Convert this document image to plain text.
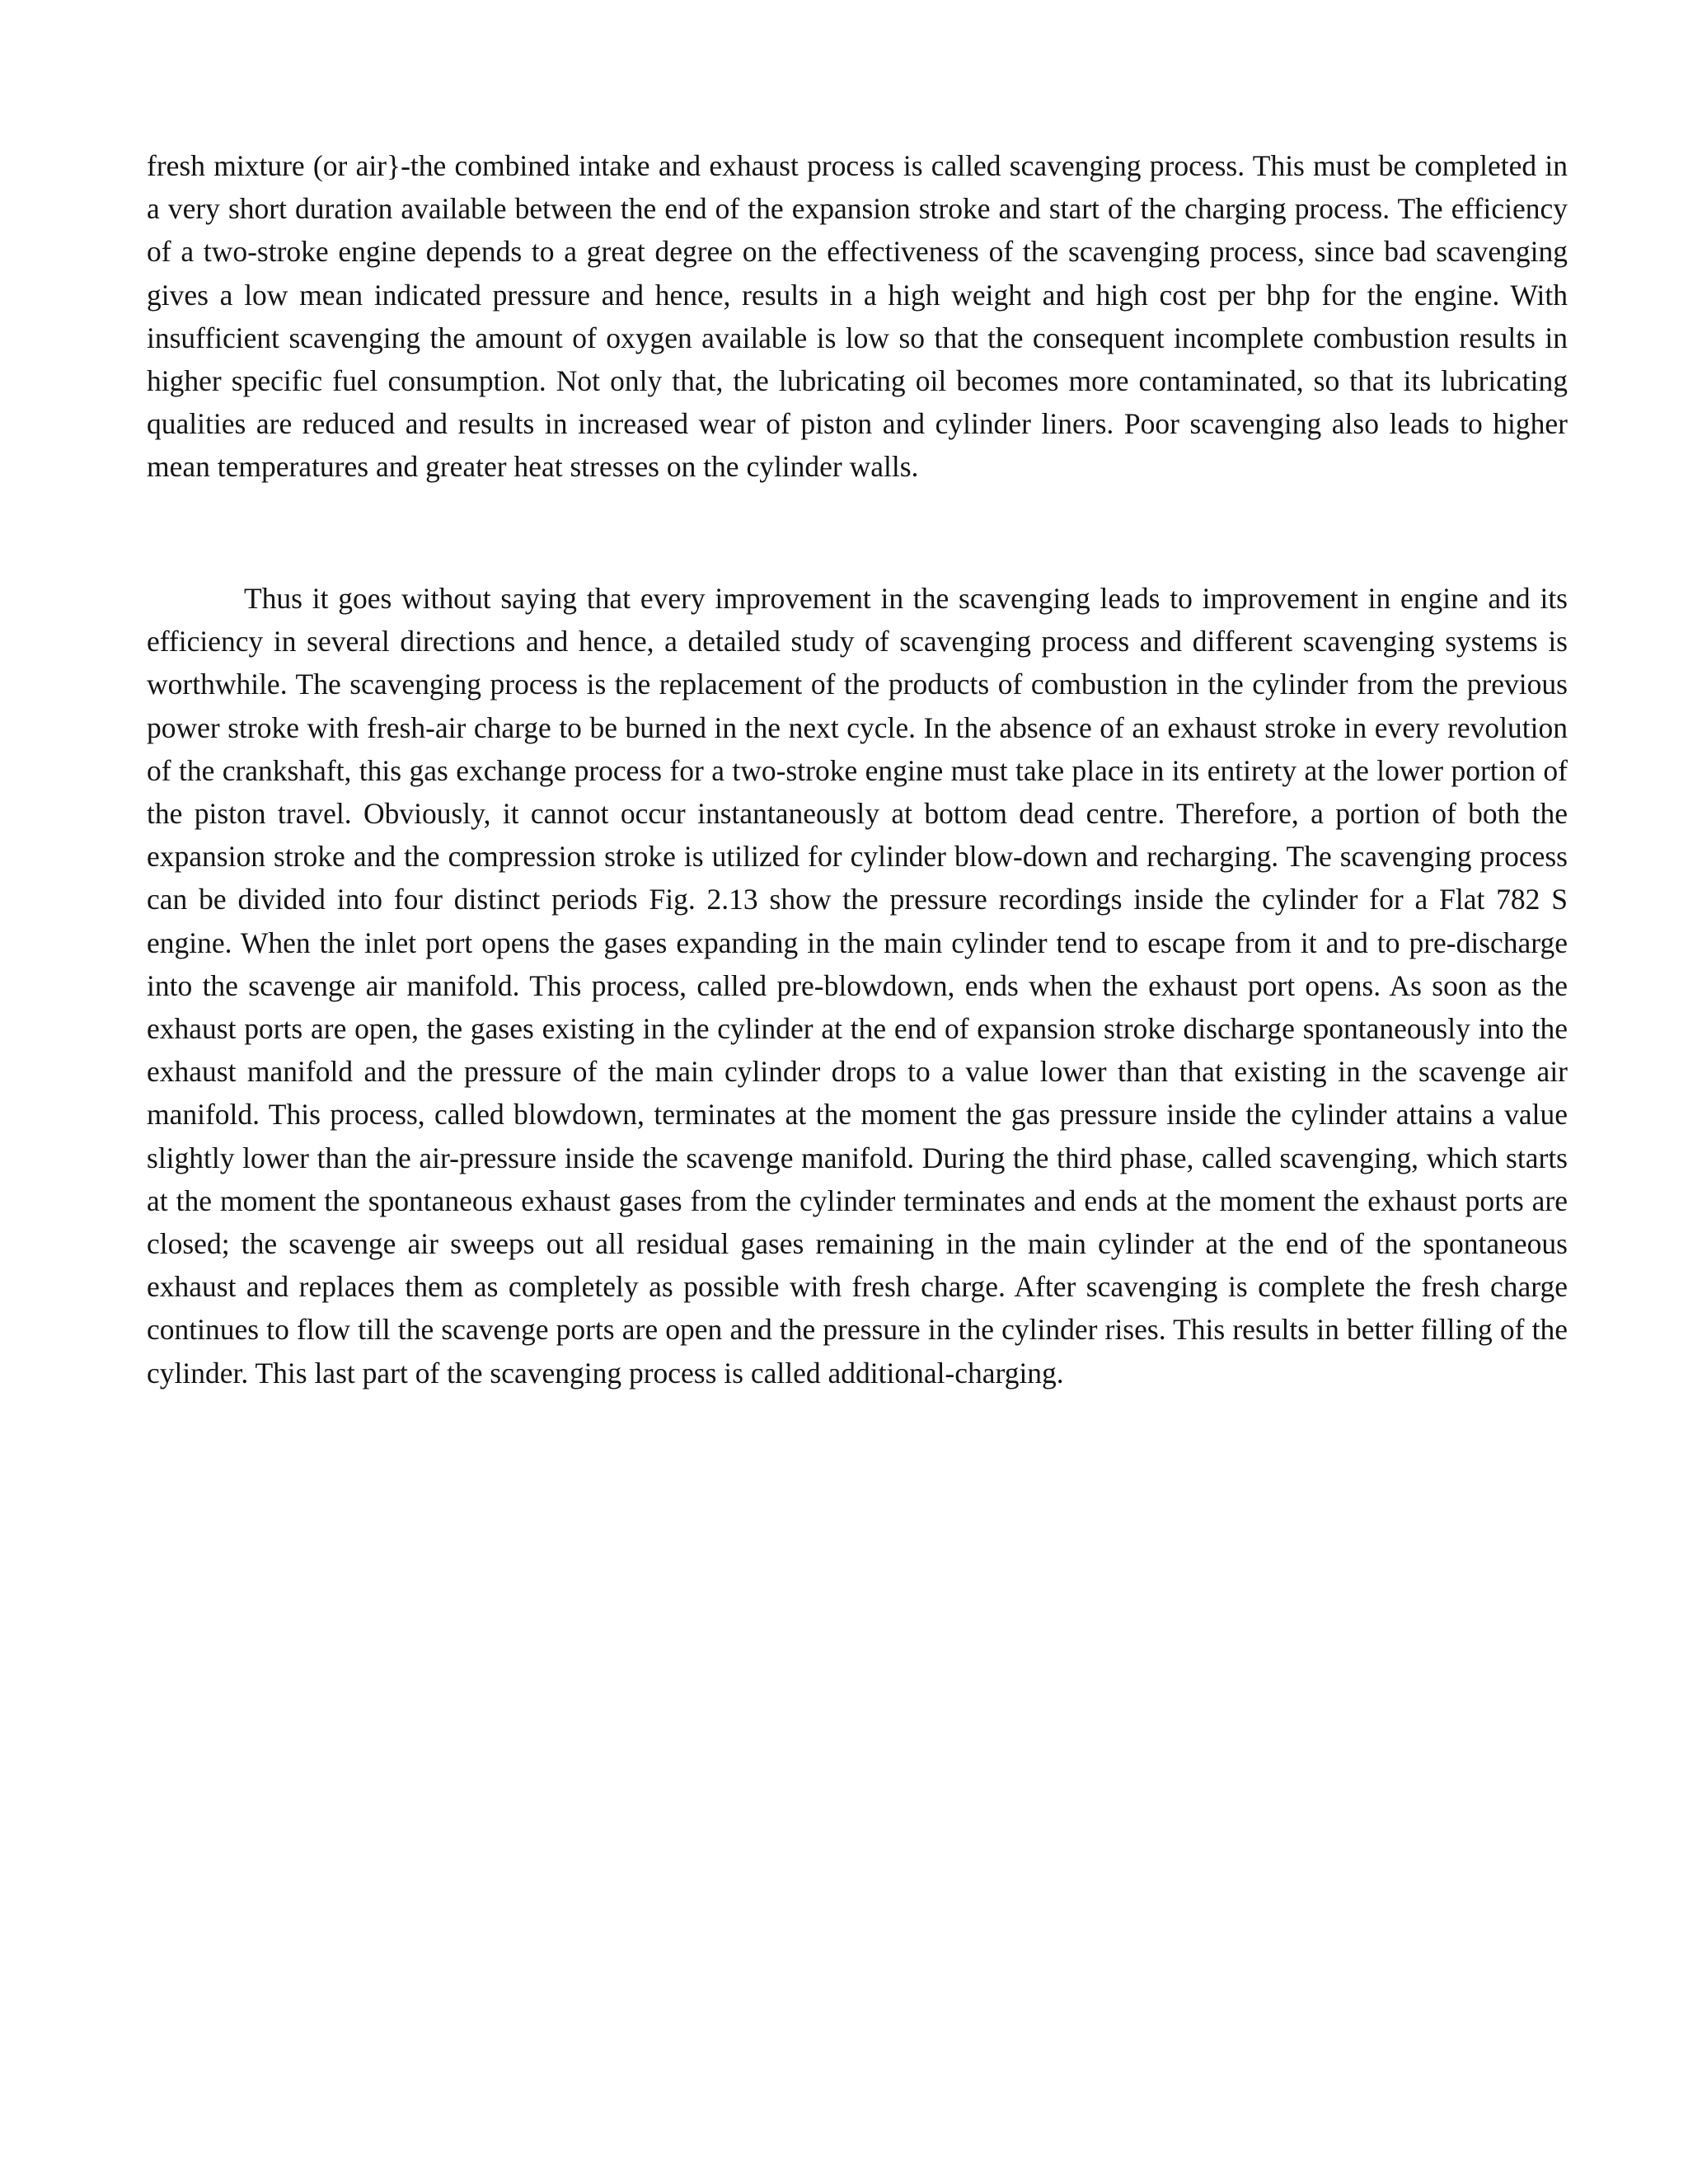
fresh mixture (or air}-the combined intake and exhaust process is called scavenging process. This must be completed in a very short duration available between the end of the expansion stroke and start of the charging process. The efficiency of a two-stroke engine depends to a great degree on the effectiveness of the scavenging process, since bad scavenging gives a low mean indicated pressure and hence, results in a high weight and high cost per bhp for the engine. With insufficient scavenging the amount of oxygen available is low so that the consequent incomplete combustion results in higher specific fuel consumption. Not only that, the lubricating oil becomes more contaminated, so that its lubricating qualities are reduced and results in increased wear of piston and cylinder liners. Poor scavenging also leads to higher mean temperatures and greater heat stresses on the cylinder walls.

Thus it goes without saying that every improvement in the scavenging leads to improvement in engine and its efficiency in several directions and hence, a detailed study of scavenging process and different scavenging systems is worthwhile. The scavenging process is the replacement of the products of combustion in the cylinder from the previous power stroke with fresh-air charge to be burned in the next cycle. In the absence of an exhaust stroke in every revolution of the crankshaft, this gas exchange process for a two-stroke engine must take place in its entirety at the lower portion of the piston travel. Obviously, it cannot occur instantaneously at bottom dead centre. Therefore, a portion of both the expansion stroke and the compression stroke is utilized for cylinder blow-down and recharging. The scavenging process can be divided into four distinct periods Fig. 2.13 show the pressure recordings inside the cylinder for a Flat 782 S engine. When the inlet port opens the gases expanding in the main cylinder tend to escape from it and to pre-discharge into the scavenge air manifold. This process, called pre-blowdown, ends when the exhaust port opens. As soon as the exhaust ports are open, the gases existing in the cylinder at the end of expansion stroke discharge spontaneously into the exhaust manifold and the pressure of the main cylinder drops to a value lower than that existing in the scavenge air manifold. This process, called blowdown, terminates at the moment the gas pressure inside the cylinder attains a value slightly lower than the air-pressure inside the scavenge manifold. During the third phase, called scavenging, which starts at the moment the spontaneous exhaust gases from the cylinder terminates and ends at the moment the exhaust ports are closed; the scavenge air sweeps out all residual gases remaining in the main cylinder at the end of the spontaneous exhaust and replaces them as completely as possible with fresh charge. After scavenging is complete the fresh charge continues to flow till the scavenge ports are open and the pressure in the cylinder rises. This results in better filling of the cylinder. This last part of the scavenging process is called additional-charging.
